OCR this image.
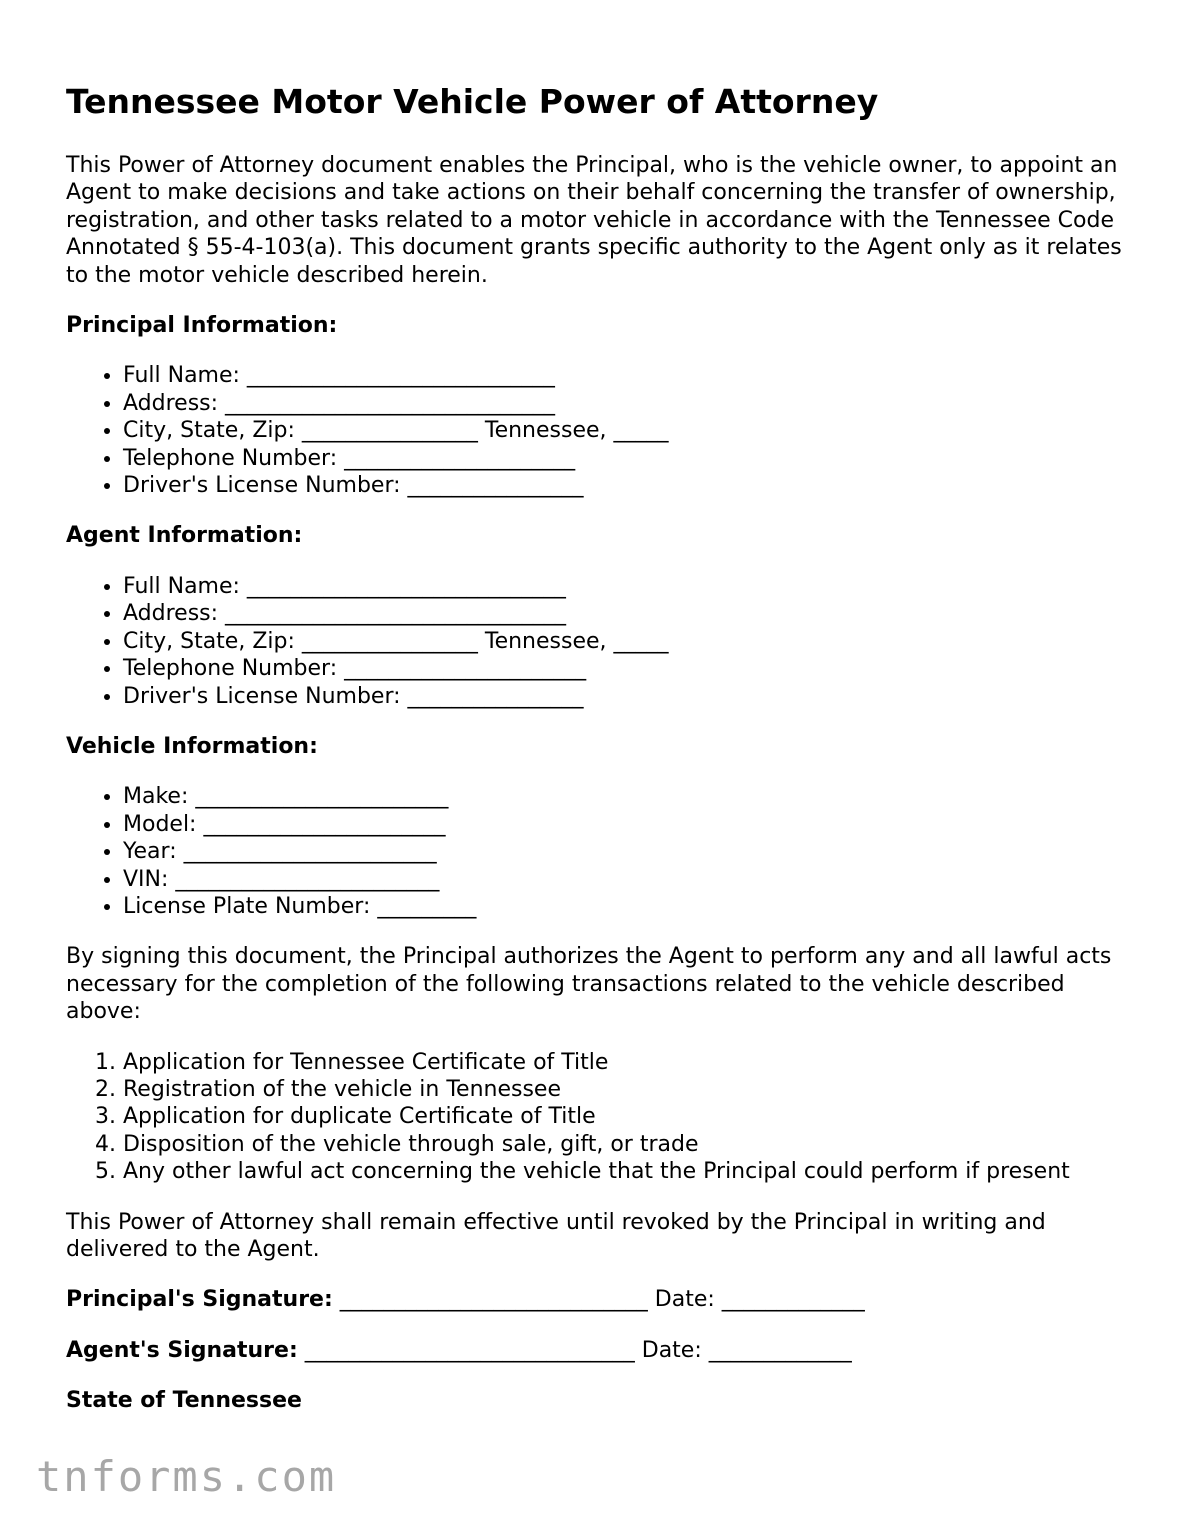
Tennessee Motor Vehicle Power of Attorney

This Power of Attorney document enables the Principal, who is the vehicle owner, to appoint an Agent to make decisions and take actions on their behalf concerning the transfer of ownership, registration, and other tasks related to a motor vehicle in accordance with the Tennessee Code Annotated § 55-4-103(a). This document grants specific authority to the Agent only as it relates to the motor vehicle described herein.

Principal Information:
• Full Name: ____________________________
• Address: ______________________________
• City, State, Zip: ________________ Tennessee, _____
• Telephone Number: _____________________
• Driver's License Number: ________________
Agent Information:
• Full Name: _____________________________
• Address: _______________________________
• City, State, Zip: ________________ Tennessee, _____
• Telephone Number: ______________________
• Driver's License Number: ________________
Vehicle Information:
• Make: _______________________
• Model: ______________________
• Year: _______________________
• VIN: ________________________
• License Plate Number: _________

By signing this document, the Principal authorizes the Agent to perform any and all lawful acts necessary for the completion of the following transactions related to the vehicle described above:

1. Application for Tennessee Certificate of Title
2. Registration of the vehicle in Tennessee
3. Application for duplicate Certificate of Title
4. Disposition of the vehicle through sale, gift, or trade
5. Any other lawful act concerning the vehicle that the Principal could perform if present

This Power of Attorney shall remain effective until revoked by the Principal in writing and delivered to the Agent.

Principal's Signature: ____________________________ Date: _____________
Agent's Signature: ______________________________ Date: _____________
State of Tennessee
tnforms.com
